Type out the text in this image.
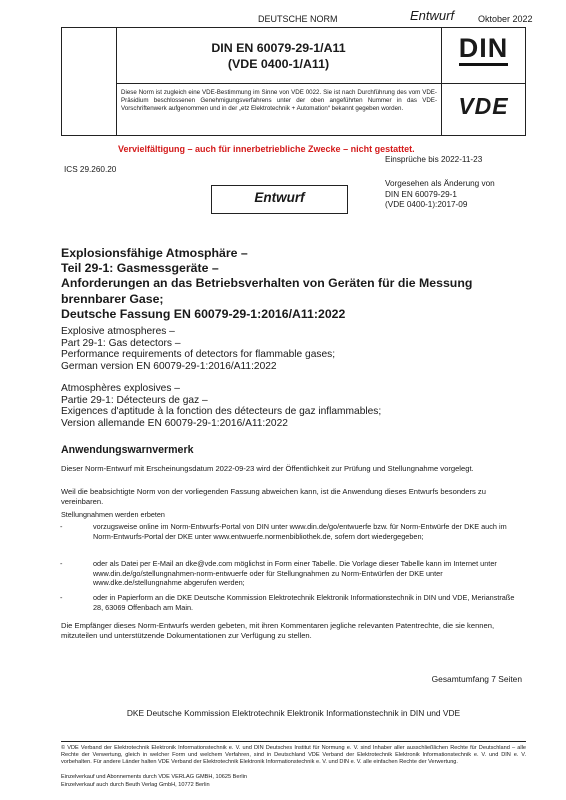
DEUTSCHE NORM	Entwurf	Oktober 2022
DIN EN 60079-29-1/A11
(VDE 0400-1/A11)
DIN
VDE
Diese Norm ist zugleich eine VDE-Bestimmung im Sinne von VDE 0022. Sie ist nach Durchführung des vom VDE-Präsidium beschlossenen Genehmigungsverfahrens unter der oben angeführten Nummer in das VDE-Vorschriftenwerk aufgenommen und in der „etz Elektrotechnik + Automation“ bekannt gegeben worden.
Vervielfältigung – auch für innerbetriebliche Zwecke – nicht gestattet.
ICS 29.260.20
Einsprüche bis 2022-11-23
Entwurf
Vorgesehen als Änderung von
DIN EN 60079-29-1
(VDE 0400-1):2017-09
Explosionsfähige Atmosphäre –
Teil 29-1: Gasmessgeräte –
Anforderungen an das Betriebsverhalten von Geräten für die Messung
brennbarer Gase;
Deutsche Fassung EN 60079-29-1:2016/A11:2022
Explosive atmospheres –
Part 29-1: Gas detectors –
Performance requirements of detectors for flammable gases;
German version EN 60079-29-1:2016/A11:2022
Atmosphères explosives –
Partie 29-1: Détecteurs de gaz –
Exigences d'aptitude à la fonction des détecteurs de gaz inflammables;
Version allemande EN 60079-29-1:2016/A11:2022
Anwendungswarnvermerk
Dieser Norm-Entwurf mit Erscheinungsdatum 2022-09-23 wird der Öffentlichkeit zur Prüfung und Stellungnahme vorgelegt.
Weil die beabsichtigte Norm von der vorliegenden Fassung abweichen kann, ist die Anwendung dieses Entwurfs besonders zu vereinbaren.
Stellungnahmen werden erbeten
-	vorzugsweise online im Norm-Entwurfs-Portal von DIN unter www.din.de/go/entwuerfe bzw. für Norm-Entwürfe der DKE auch im Norm-Entwurfs-Portal der DKE unter www.entwuerfe.normenbibliothek.de, sofern dort wiedergegeben;
-	oder als Datei per E-Mail an dke@vde.com möglichst in Form einer Tabelle. Die Vorlage dieser Tabelle kann im Internet unter www.din.de/go/stellungnahmen-norm-entwuerfe oder für Stellungnahmen zu Norm-Entwürfen der DKE unter www.dke.de/stellungnahme abgerufen werden;
-	oder in Papierform an die DKE Deutsche Kommission Elektrotechnik Elektronik Informationstechnik in DIN und VDE, Merianstraße 28, 63069 Offenbach am Main.
Die Empfänger dieses Norm-Entwurfs werden gebeten, mit ihren Kommentaren jegliche relevanten Patentrechte, die sie kennen, mitzuteilen und unterstützende Dokumentationen zur Verfügung zu stellen.
Gesamtumfang 7 Seiten
DKE Deutsche Kommission Elektrotechnik Elektronik Informationstechnik in DIN und VDE
© VDE Verband der Elektrotechnik Elektronik Informationstechnik e. V. und DIN Deutsches Institut für Normung e. V. sind Inhaber aller ausschließlichen Rechte für Deutschland – alle Rechte der Verwertung, gleich in welcher Form und welchem Verfahren, sind in Deutschland VDE Verband der Elektrotechnik Elektronik Informationstechnik e. V. und DIN e. V. vorbehalten. Für andere Länder halten VDE Verband der Elektrotechnik Elektronik Informationstechnik e. V. und DIN e. V. alle einfachen Rechte der Verwertung.
Einzelverkauf und Abonnements durch VDE VERLAG GMBH, 10625 Berlin
Einzelverkauf auch durch Beuth Verlag GmbH, 10772 Berlin
